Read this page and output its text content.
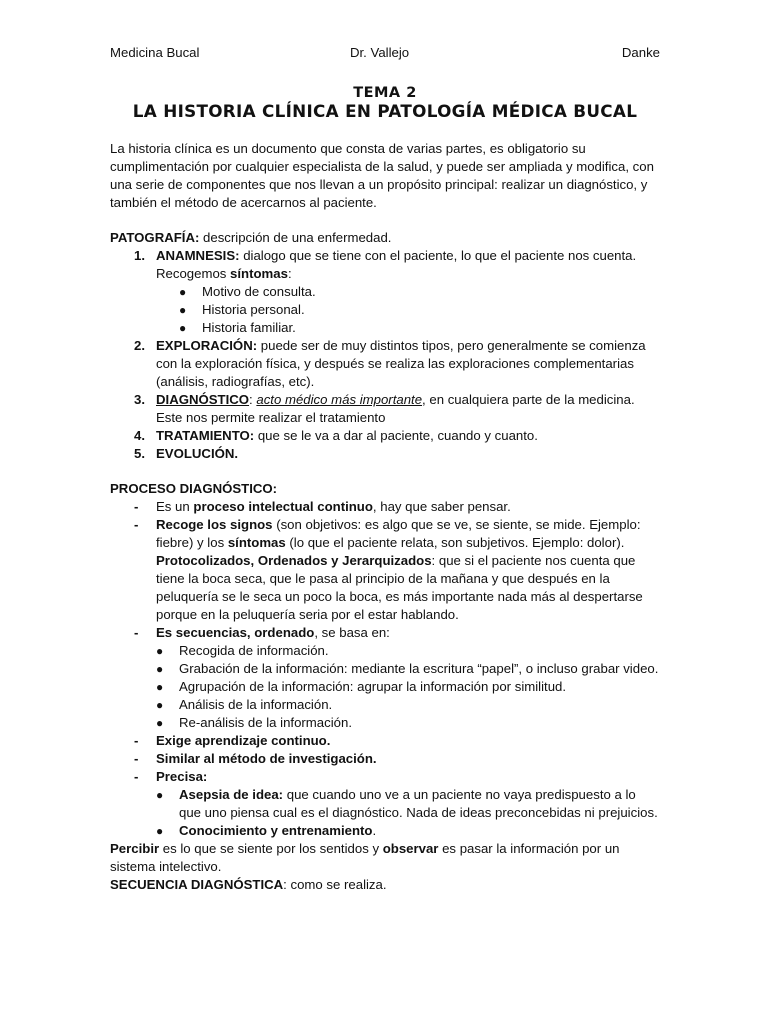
Medicina Bucal	Dr. Vallejo	Danke
TEMA 2
LA HISTORIA CLÍNICA EN PATOLOGÍA MÉDICA BUCAL

La historia clínica es un documento que consta de varias partes, es obligatorio su cumplimentación por cualquier especialista de la salud, y puede ser ampliada y modifica, con una serie de componentes que nos llevan a un propósito principal: realizar un diagnóstico, y también el método de acercarnos al paciente.

PATOGRAFÍA: descripción de una enfermedad.

1. ANAMNESIS: dialogo que se tiene con el paciente, lo que el paciente nos cuenta. Recogemos síntomas:
● Motivo de consulta.
● Historia personal.
● Historia familiar.
2. EXPLORACIÓN: puede ser de muy distintos tipos, pero generalmente se comienza con la exploración física, y después se realiza las exploraciones complementarias (análisis, radiografías, etc).
3. DIAGNÓSTICO: acto médico más importante, en cualquiera parte de la medicina. Este nos permite realizar el tratamiento
4. TRATAMIENTO: que se le va a dar al paciente, cuando y cuanto.
5. EVOLUCIÓN.

PROCESO DIAGNÓSTICO:

- Es un proceso intelectual continuo, hay que saber pensar.
- Recoge los signos (son objetivos: es algo que se ve, se siente, se mide. Ejemplo: fiebre) y los síntomas (lo que el paciente relata, son subjetivos. Ejemplo: dolor).
Protocolizados, Ordenados y Jerarquizados: que si el paciente nos cuenta que tiene la boca seca, que le pasa al principio de la mañana y que después en la peluquería se le seca un poco la boca, es más importante nada más al despertarse porque en la peluquería seria por el estar hablando.
- Es secuencias, ordenado, se basa en:
● Recogida de información.
● Grabación de la información: mediante la escritura “papel”, o incluso grabar video.
● Agrupación de la información: agrupar la información por similitud.
● Análisis de la información.
● Re-análisis de la información.
- Exige aprendizaje continuo.
- Similar al método de investigación.
- Precisa:
● Asepsia de idea: que cuando uno ve a un paciente no vaya predispuesto a lo que uno piensa cual es el diagnóstico. Nada de ideas preconcebidas ni prejuicios.
● Conocimiento y entrenamiento.

Percibir es lo que se siente por los sentidos y observar es pasar la información por un sistema intelectivo.

SECUENCIA DIAGNÓSTICA: como se realiza.
